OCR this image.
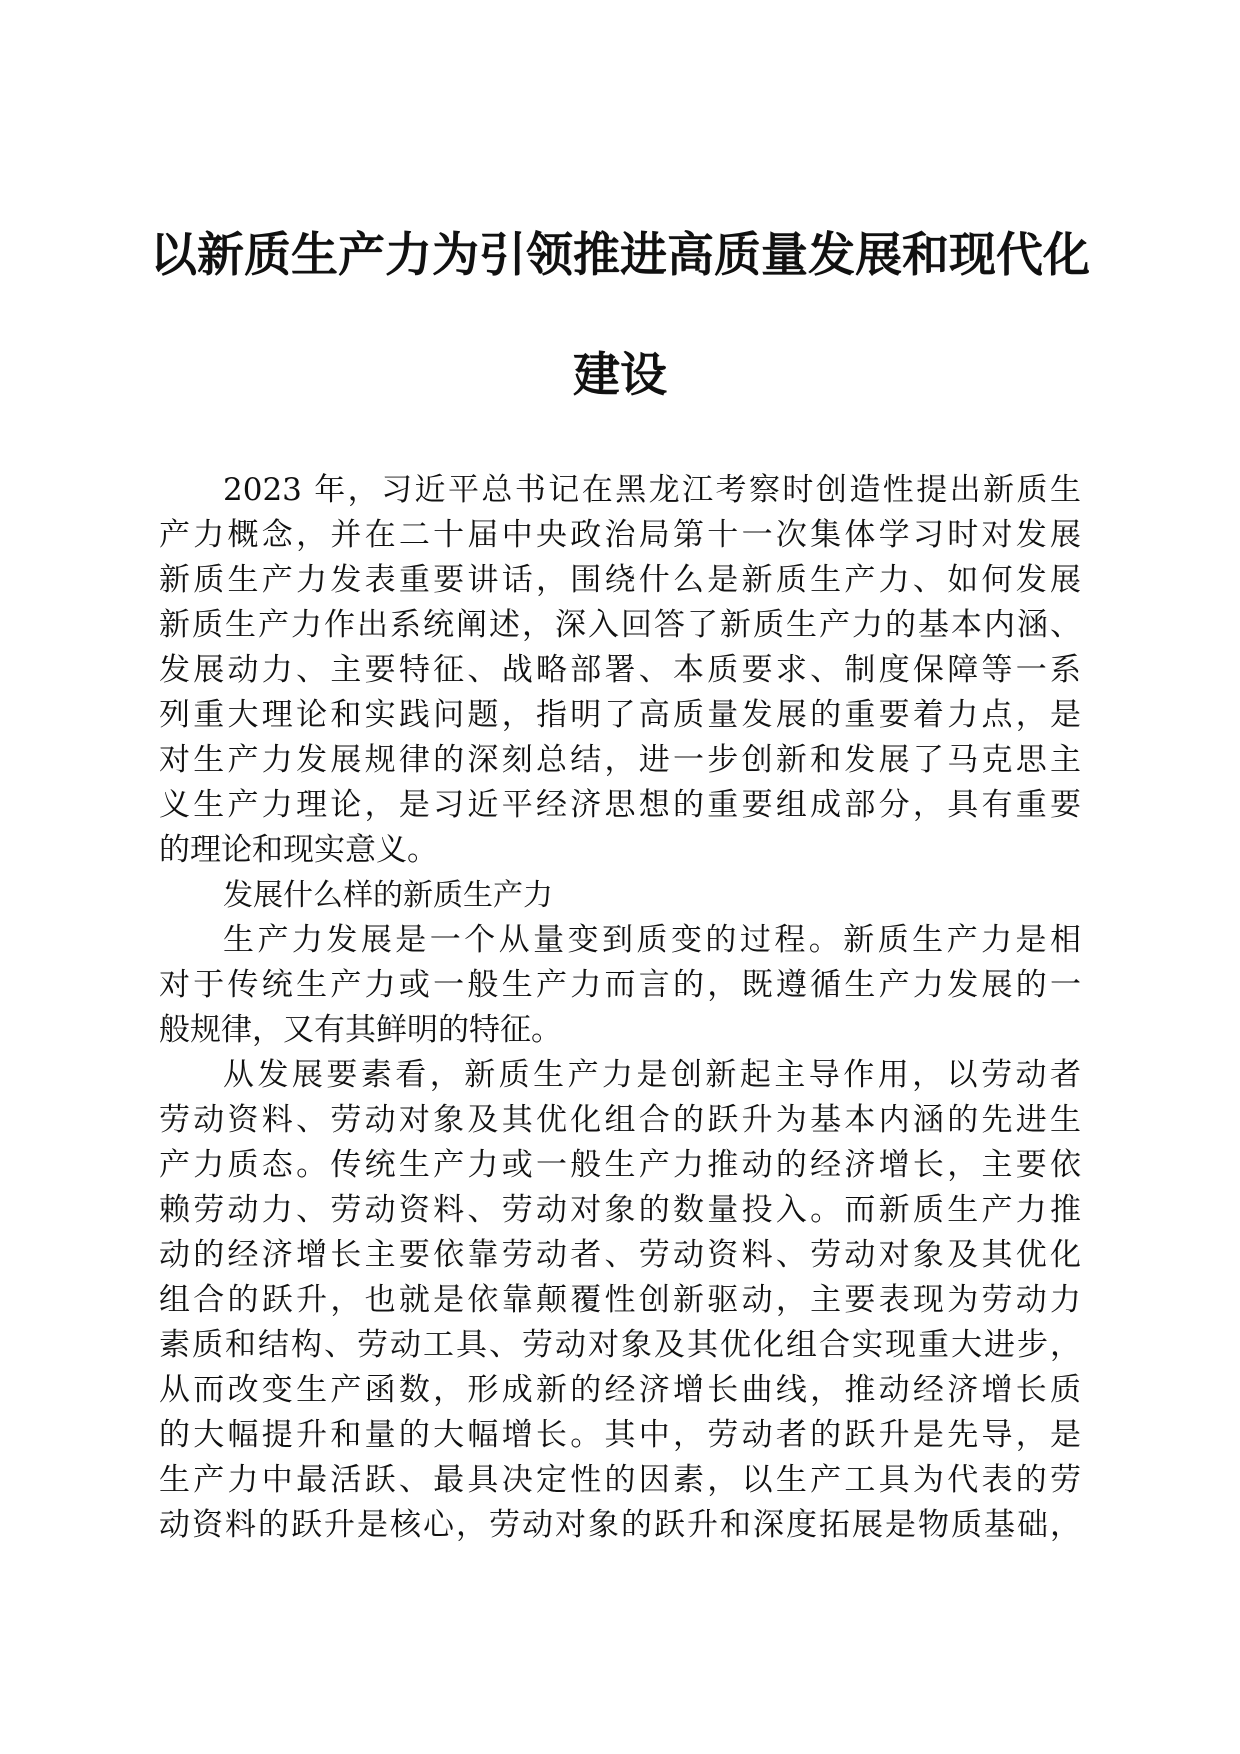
以新质生产力为引领推进高质量发展和现代化
建设
2023 年，习近平总书记在黑龙江考察时创造性提出新质生
产力概念，并在二十届中央政治局第十一次集体学习时对发展
新质生产力发表重要讲话，围绕什么是新质生产力、如何发展
新质生产力作出系统阐述，深入回答了新质生产力的基本内涵、
发展动力、主要特征、战略部署、本质要求、制度保障等一系
列重大理论和实践问题，指明了高质量发展的重要着力点，是
对生产力发展规律的深刻总结，进一步创新和发展了马克思主
义生产力理论，是习近平经济思想的重要组成部分，具有重要
的理论和现实意义。
发展什么样的新质生产力
生产力发展是一个从量变到质变的过程。新质生产力是相
对于传统生产力或一般生产力而言的，既遵循生产力发展的一
般规律，又有其鲜明的特征。
从发展要素看，新质生产力是创新起主导作用，以劳动者
劳动资料、劳动对象及其优化组合的跃升为基本内涵的先进生
产力质态。传统生产力或一般生产力推动的经济增长，主要依
赖劳动力、劳动资料、劳动对象的数量投入。而新质生产力推
动的经济增长主要依靠劳动者、劳动资料、劳动对象及其优化
组合的跃升，也就是依靠颠覆性创新驱动，主要表现为劳动力
素质和结构、劳动工具、劳动对象及其优化组合实现重大进步，
从而改变生产函数，形成新的经济增长曲线，推动经济增长质
的大幅提升和量的大幅增长。其中，劳动者的跃升是先导，是
生产力中最活跃、最具决定性的因素，以生产工具为代表的劳
动资料的跃升是核心，劳动对象的跃升和深度拓展是物质基础，
